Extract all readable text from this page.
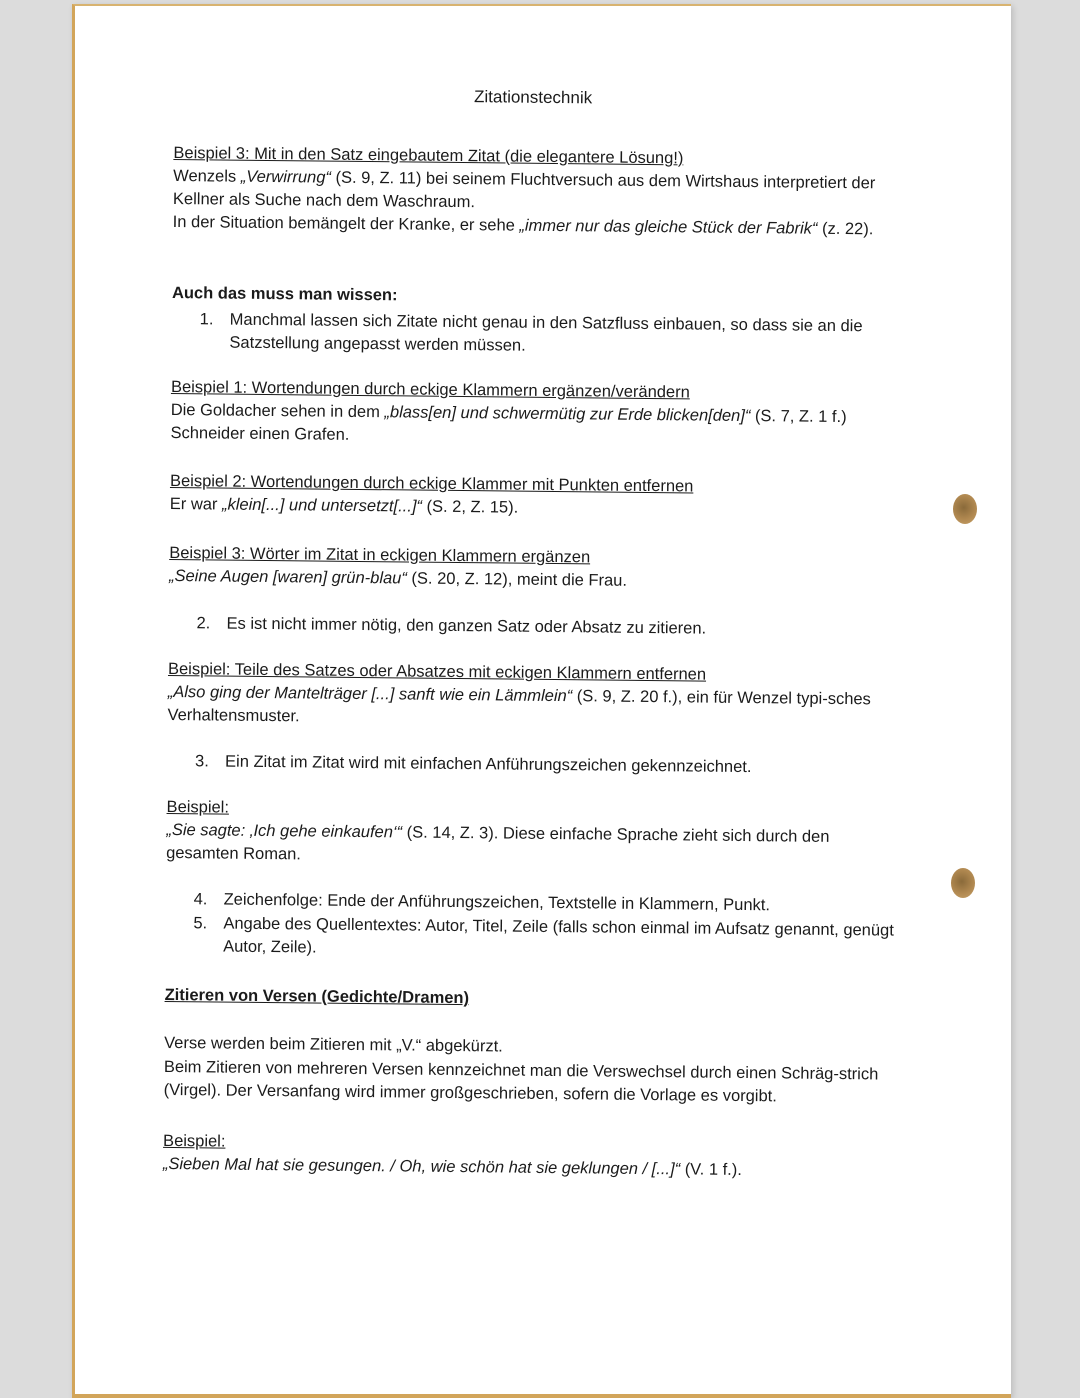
Zitationstechnik
Beispiel 3: Mit in den Satz eingebautem Zitat (die elegantere Lösung!)
Wenzels „Verwirrung“ (S. 9, Z. 11) bei seinem Fluchtversuch aus dem Wirtshaus interpretiert der Kellner als Suche nach dem Waschraum.
In der Situation bemängelt der Kranke, er sehe „immer nur das gleiche Stück der Fabrik“ (z. 22).
Auch das muss man wissen:
1. Manchmal lassen sich Zitate nicht genau in den Satzfluss einbauen, so dass sie an die Satzstellung angepasst werden müssen.
Beispiel 1: Wortendungen durch eckige Klammern ergänzen/verändern
Die Goldacher sehen in dem „blass[en] und schwermütig zur Erde blicken[den]“ (S. 7, Z. 1 f.) Schneider einen Grafen.
Beispiel 2: Wortendungen durch eckige Klammer mit Punkten entfernen
Er war „klein[...] und untersetzt[...]“ (S. 2, Z. 15).
Beispiel 3: Wörter im Zitat in eckigen Klammern ergänzen
„Seine Augen [waren] grün-blau“ (S. 20, Z. 12), meint die Frau.
2. Es ist nicht immer nötig, den ganzen Satz oder Absatz zu zitieren.
Beispiel: Teile des Satzes oder Absatzes mit eckigen Klammern entfernen
„Also ging der Mantelträger [...] sanft wie ein Lämmlein“ (S. 9, Z. 20 f.), ein für Wenzel typi-sches Verhaltensmuster.
3. Ein Zitat im Zitat wird mit einfachen Anführungszeichen gekennzeichnet.
Beispiel:
„Sie sagte: ‚Ich gehe einkaufen‘“ (S. 14, Z. 3). Diese einfache Sprache zieht sich durch den gesamten Roman.
4. Zeichenfolge: Ende der Anführungszeichen, Textstelle in Klammern, Punkt.
5. Angabe des Quellentextes: Autor, Titel, Zeile (falls schon einmal im Aufsatz genannt, genügt Autor, Zeile).
Zitieren von Versen (Gedichte/Dramen)
Verse werden beim Zitieren mit „V.“ abgekürzt.
Beim Zitieren von mehreren Versen kennzeichnet man die Verswechsel durch einen Schräg-strich (Virgel). Der Versanfang wird immer großgeschrieben, sofern die Vorlage es vorgibt.
Beispiel:
„Sieben Mal hat sie gesungen. / Oh, wie schön hat sie geklungen / [...]“ (V. 1 f.).
